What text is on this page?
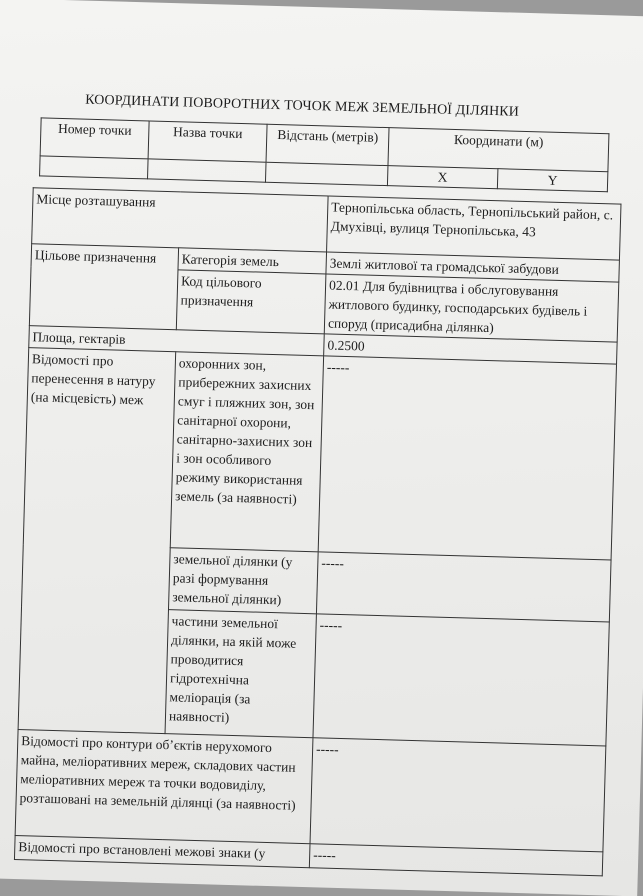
КООРДИНАТИ ПОВОРОТНИХ ТОЧОК МЕЖ ЗЕМЕЛЬНОЇ ДІЛЯНКИ
Номер точки	Назва точки	Відстань (метрів)	Координати (м)	
			X	Y
Місце розташування		Тернопільська область, Тернопільський район, с. Дмухівці, вулиця Тернопільська, 43
Цільове призначення	Категорія земель	Землі житлової та громадської забудови
	Код цільового призначення	02.01 Для будівництва і обслуговування житлового будинку, господарських будівель і споруд (присадибна ділянка)
Площа, гектарів		0.2500
Відомості про перенесення в натуру (на місцевість) меж	охоронних зон, прибережних захисних смуг і пляжних зон, зон санітарної охорони, санітарно-захисних зон і зон особливого режиму використання земель (за наявності)	-----
	земельної ділянки (у разі формування земельної ділянки)	-----
	частини земельної ділянки, на якій може проводитися гідротехнічна меліорація (за наявності)	-----
Відомості про контури об’єктів нерухомого майна, меліоративних мереж, складових частин меліоративних мереж та точки водовиділу, розташовані на земельній ділянці (за наявності)		-----
Відомості про встановлені межові знаки (у		-----
